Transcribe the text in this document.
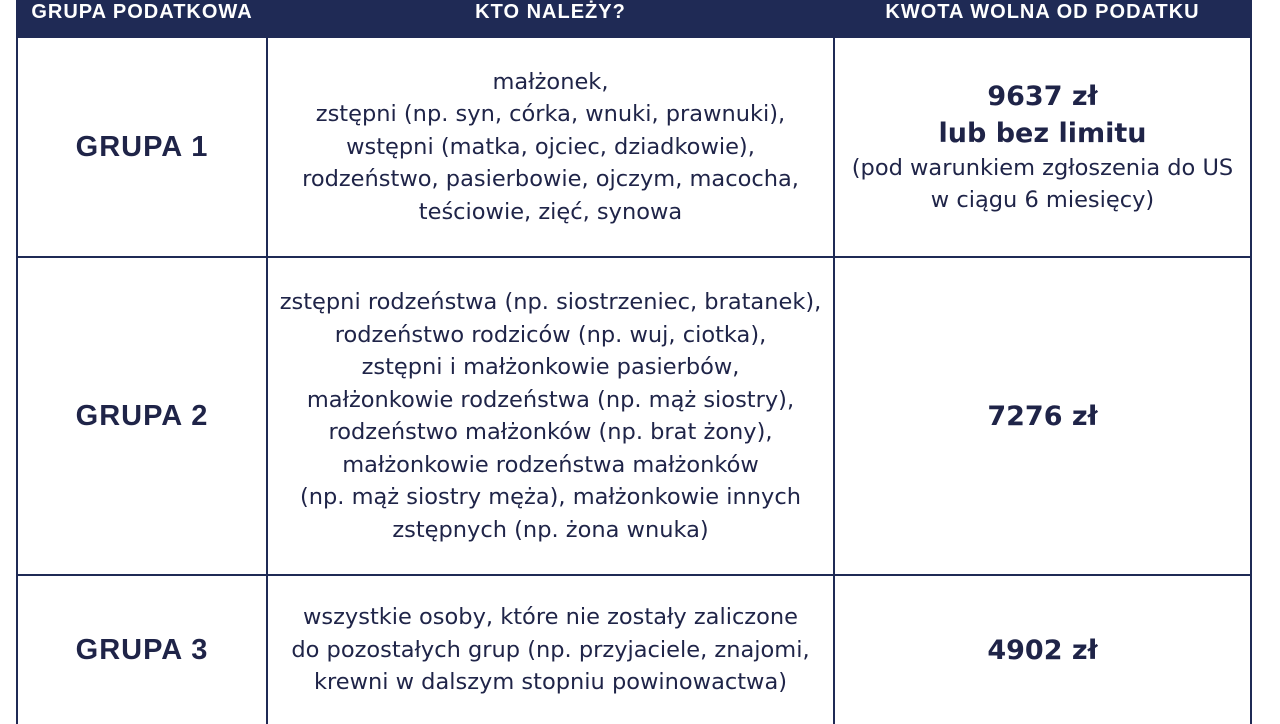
GRUPA PODATKOWA	KTO NALEŻY?	KWOTA WOLNA OD PODATKU
GRUPA 1
małżonek,
zstępni (np. syn, córka, wnuki, prawnuki),
wstępni (matka, ojciec, dziadkowie),
rodzeństwo, pasierbowie, ojczym, macocha,
teściowie, zięć, synowa
9637 zł
lub bez limitu
(pod warunkiem zgłoszenia do US
w ciągu 6 miesięcy)
GRUPA 2
zstępni rodzeństwa (np. siostrzeniec, bratanek),
rodzeństwo rodziców (np. wuj, ciotka),
zstępni i małżonkowie pasierbów,
małżonkowie rodzeństwa (np. mąż siostry),
rodzeństwo małżonków (np. brat żony),
małżonkowie rodzeństwa małżonków
(np. mąż siostry męża), małżonkowie innych
zstępnych (np. żona wnuka)
7276 zł
GRUPA 3
wszystkie osoby, które nie zostały zaliczone
do pozostałych grup (np. przyjaciele, znajomi,
krewni w dalszym stopniu powinowactwa)
4902 zł
